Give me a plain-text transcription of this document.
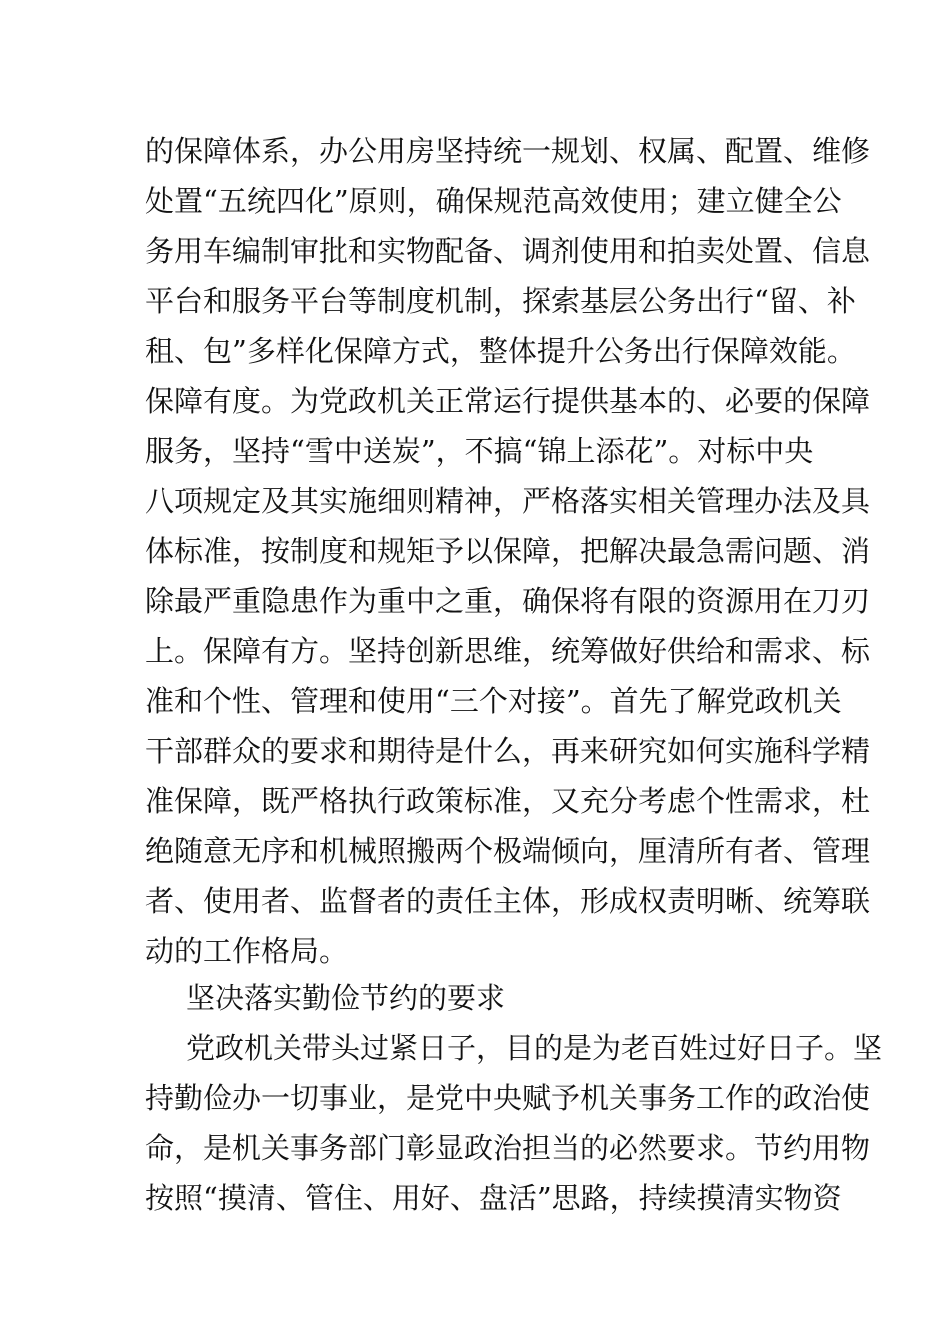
的保障体系，办公用房坚持统一规划、权属、配置、维修
处置“五统四化”原则，确保规范高效使用；建立健全公
务用车编制审批和实物配备、调剂使用和拍卖处置、信息
平台和服务平台等制度机制，探索基层公务出行“留、补
租、包”多样化保障方式，整体提升公务出行保障效能。
保障有度。为党政机关正常运行提供基本的、必要的保障
服务，坚持“雪中送炭”，不搞“锦上添花”。对标中央
八项规定及其实施细则精神，严格落实相关管理办法及具
体标准，按制度和规矩予以保障，把解决最急需问题、消
除最严重隐患作为重中之重，确保将有限的资源用在刀刃
上。保障有方。坚持创新思维，统筹做好供给和需求、标
准和个性、管理和使用“三个对接”。首先了解党政机关
干部群众的要求和期待是什么，再来研究如何实施科学精
准保障，既严格执行政策标准，又充分考虑个性需求，杜
绝随意无序和机械照搬两个极端倾向，厘清所有者、管理
者、使用者、监督者的责任主体，形成权责明晰、统筹联
动的工作格局。
坚决落实勤俭节约的要求
党政机关带头过紧日子，目的是为老百姓过好日子。坚
持勤俭办一切事业，是党中央赋予机关事务工作的政治使
命，是机关事务部门彰显政治担当的必然要求。节约用物
按照“摸清、管住、用好、盘活”思路，持续摸清实物资
